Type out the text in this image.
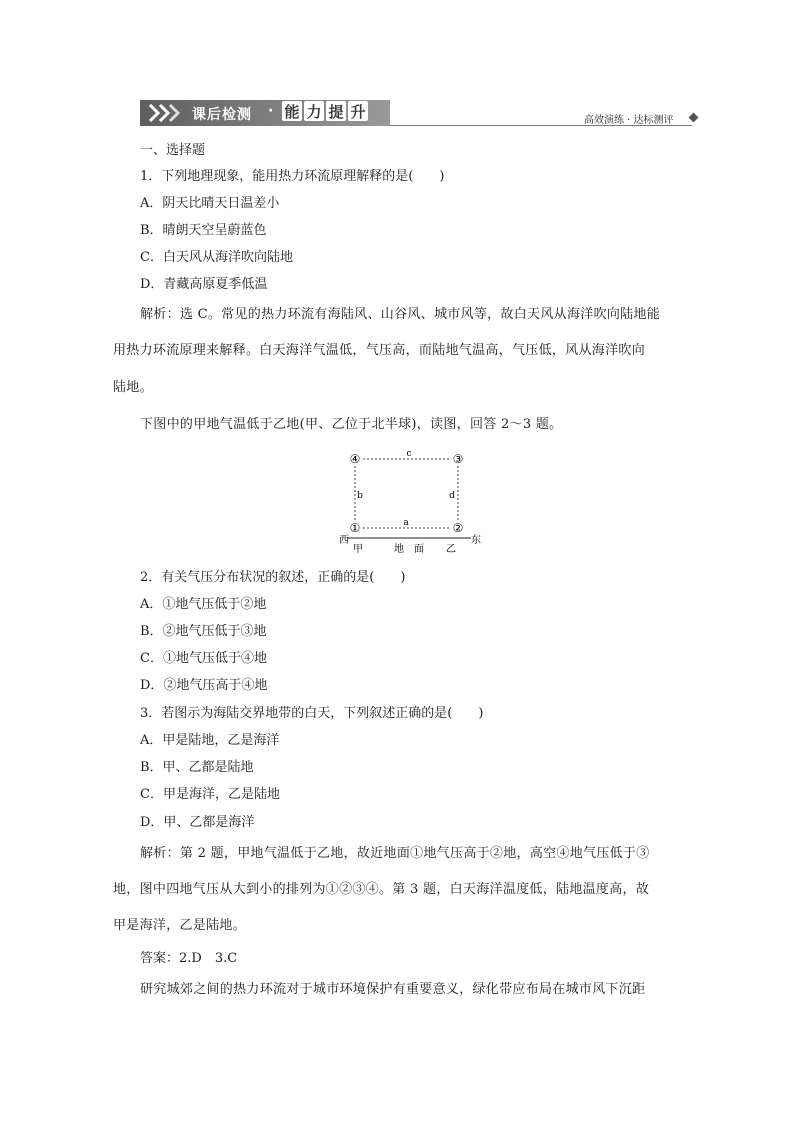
课后检测 · 能 力 提 升	高效演练 · 达标测评
一、选择题
1．下列地理现象，能用热力环流原理解释的是(　　)
A．阴天比晴天日温差小
B．晴朗天空呈蔚蓝色
C．白天风从海洋吹向陆地
D．青藏高原夏季低温
解析：选 C。常见的热力环流有海陆风、山谷风、城市风等，故白天风从海洋吹向陆地能
用热力环流原理来解释。白天海洋气温低，气压高，而陆地气温高，气压低，风从海洋吹向
陆地。
下图中的甲地气温低于乙地(甲、乙位于北半球)，读图，回答 2～3 题。
④	③
①	②
c
a
b	d
西	东
甲	地　面 乙
2．有关气压分布状况的叙述，正确的是(　　)
A．①地气压低于②地
B．②地气压低于③地
C．①地气压低于④地
D．②地气压高于④地
3．若图示为海陆交界地带的白天，下列叙述正确的是(　　)
A．甲是陆地，乙是海洋
B．甲、乙都是陆地
C．甲是海洋，乙是陆地
D．甲、乙都是海洋
解析：第 2 题，甲地气温低于乙地，故近地面①地气压高于②地，高空④地气压低于③
地，图中四地气压从大到小的排列为①②③④。第 3 题，白天海洋温度低，陆地温度高，故
甲是海洋，乙是陆地。
答案：2.D　3.C
研究城郊之间的热力环流对于城市环境保护有重要意义，绿化带应布局在城市风下沉距
